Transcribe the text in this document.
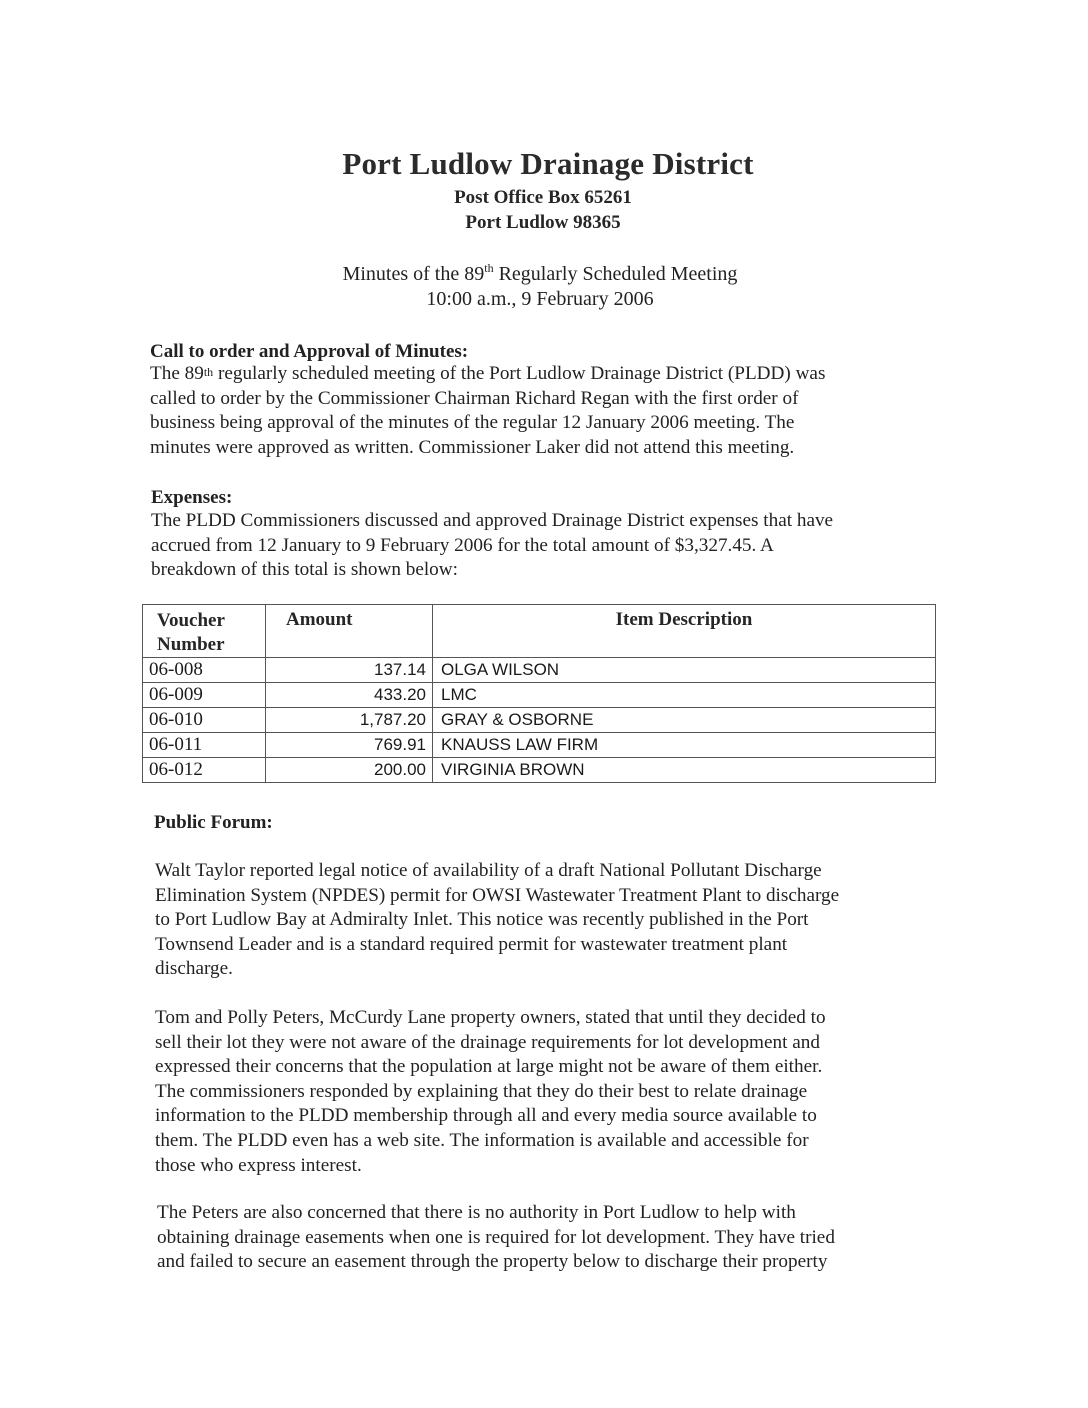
Port Ludlow Drainage District
Post Office Box 65261
Port Ludlow 98365
Minutes of the 89th Regularly Scheduled Meeting
10:00 a.m., 9 February 2006
Call to order and Approval of Minutes:
The 89th regularly scheduled meeting of the Port Ludlow Drainage District (PLDD) was
called to order by the Commissioner Chairman Richard Regan with the first order of
business being approval of the minutes of the regular 12 January 2006 meeting. The
minutes were approved as written. Commissioner Laker did not attend this meeting.
Expenses:
The PLDD Commissioners discussed and approved Drainage District expenses that have
accrued from 12 January to 9 February 2006 for the total amount of $3,327.45. A
breakdown of this total is shown below:
Voucher
Number	Amount	Item Description
06-008	137.14	OLGA WILSON
06-009	433.20	LMC
06-010	1,787.20	GRAY & OSBORNE
06-011	769.91	KNAUSS LAW FIRM
06-012	200.00	VIRGINIA BROWN
Public Forum:
Walt Taylor reported legal notice of availability of a draft National Pollutant Discharge
Elimination System (NPDES) permit for OWSI Wastewater Treatment Plant to discharge
to Port Ludlow Bay at Admiralty Inlet. This notice was recently published in the Port
Townsend Leader and is a standard required permit for wastewater treatment plant
discharge.
Tom and Polly Peters, McCurdy Lane property owners, stated that until they decided to
sell their lot they were not aware of the drainage requirements for lot development and
expressed their concerns that the population at large might not be aware of them either.
The commissioners responded by explaining that they do their best to relate drainage
information to the PLDD membership through all and every media source available to
them. The PLDD even has a web site. The information is available and accessible for
those who express interest.
The Peters are also concerned that there is no authority in Port Ludlow to help with
obtaining drainage easements when one is required for lot development. They have tried
and failed to secure an easement through the property below to discharge their property
